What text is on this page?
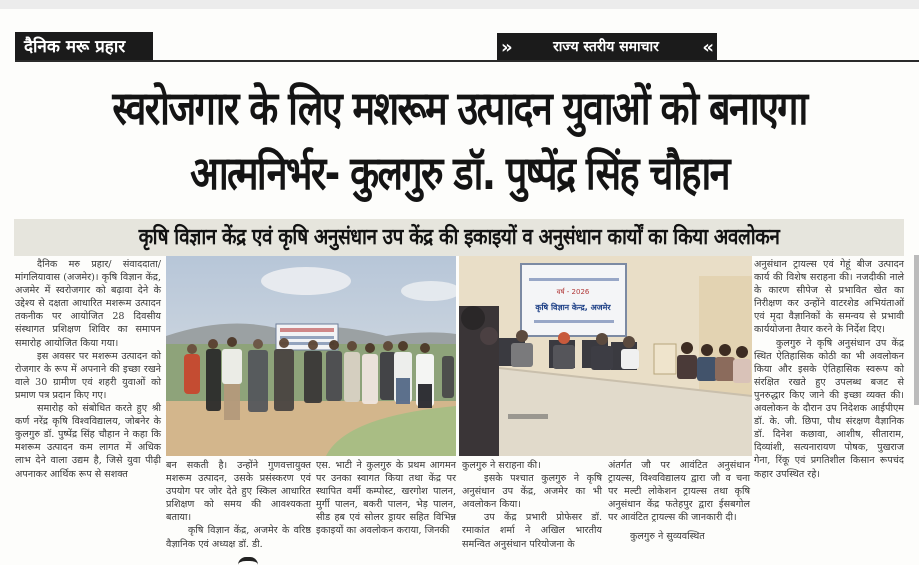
दैनिक मरू प्रहार	»	राज्य स्तरीय समाचार «
स्वरोजगार के लिए मशरूम उत्पादन युवाओं को बनाएगा
आत्मनिर्भर- कुलगुरु डॉ. पुष्पेंद्र सिंह चौहान
कृषि विज्ञान केंद्र एवं कृषि अनुसंधान उप केंद्र की इकाइयों व अनुसंधान कार्यों का किया अवलोकन

दैनिक मरु प्रहार/ संवाददाता/मांगलियावास (अजमेर)। कृषि विज्ञान केंद्र, अजमेर में स्वरोजगार को बढ़ावा देने के उद्देश्य से दक्षता आधारित मशरूम उत्पादन तकनीक पर आयोजित 28 दिवसीय संस्थागत प्रशिक्षण शिविर का समापन समारोह आयोजित किया गया।

इस अवसर पर मशरूम उत्पादन को रोजगार के रूप में अपनाने की इच्छा रखने वाले 30 ग्रामीण एवं शहरी युवाओं को प्रमाण पत्र प्रदान किए गए।

समारोह को संबोधित करते हुए श्री कर्ण नरेंद्र कृषि विश्वविद्यालय, जोबनेर के कुलगुरु डॉ. पुष्पेंद्र सिंह चौहान ने कहा कि मशरूम उत्पादन कम लागत में अधिक लाभ देने वाला उद्यम है, जिसे युवा पीढ़ी अपनाकर आर्थिक रूप से सशक्त

वर्ष - 2026
कृषि विज्ञान केन्द्र, अजमेर

बन सकती है। उन्होंने गुणवत्तायुक्त मशरूम उत्पादन, उसके प्रसंस्करण एवं उपयोग पर जोर देते हुए स्किल आधारित प्रशिक्षण को समय की आवश्यकता बताया।

कृषि विज्ञान केंद्र, अजमेर के वरिष्ठ वैज्ञानिक एवं अध्यक्ष डॉ. डी.

एस. भाटी ने कुलगुरु के प्रथम आगमन पर उनका स्वागत किया तथा केंद्र पर स्थापित वर्मी कम्पोस्ट, खरगोश पालन, मुर्गी पालन, बकरी पालन, भेड़ पालन, सीड हब एवं सोलर ड्रायर सहित विभिन्न इकाइयों का अवलोकन कराया, जिनकी

कुलगुरु ने सराहना की।

इसके पश्चात कुलगुरु ने कृषि अनुसंधान उप केंद्र, अजमेर का भी अवलोकन किया।

उप केंद्र प्रभारी प्रोफेसर डॉ. रमाकांत शर्मा ने अखिल भारतीय समन्वित अनुसंधान परियोजना के

अंतर्गत जौ पर आवंटित अनुसंधान ट्रायल्स, विश्वविद्यालय द्वारा जौ व चना पर मल्टी लोकेशन ट्रायल्स तथा कृषि अनुसंधान केंद्र फतेहपुर द्वारा ईसबगोल पर आवंटित ट्रायल्स की जानकारी दी।

कुलगुरु ने सुव्यवस्थित

अनुसंधान ट्रायल्स एवं गेहूं बीज उत्पादन कार्य की विशेष सराहना की। नजदीकी नाले के कारण सीपेज से प्रभावित खेत का निरीक्षण कर उन्होंने वाटरशेड अभियंताओं एवं मृदा वैज्ञानिकों के समन्वय से प्रभावी कार्ययोजना तैयार करने के निर्देश दिए।

कुलगुरु ने कृषि अनुसंधान उप केंद्र स्थित ऐतिहासिक कोठी का भी अवलोकन किया और इसके ऐतिहासिक स्वरूप को संरक्षित रखते हुए उपलब्ध बजट से पुनरुद्धार किए जाने की इच्छा व्यक्त की। अवलोकन के दौरान उप निदेशक आईपीएम डॉ. के. जी. छिपा, पौध संरक्षण वैज्ञानिक डॉ. दिनेश कछावा, आशीष, सीताराम, दिव्यांशी, सत्यनारायण पोषक, पुखराज गेना, रिंकू एवं प्रगतिशील किसान रूपचंद कहार उपस्थित रहे।
